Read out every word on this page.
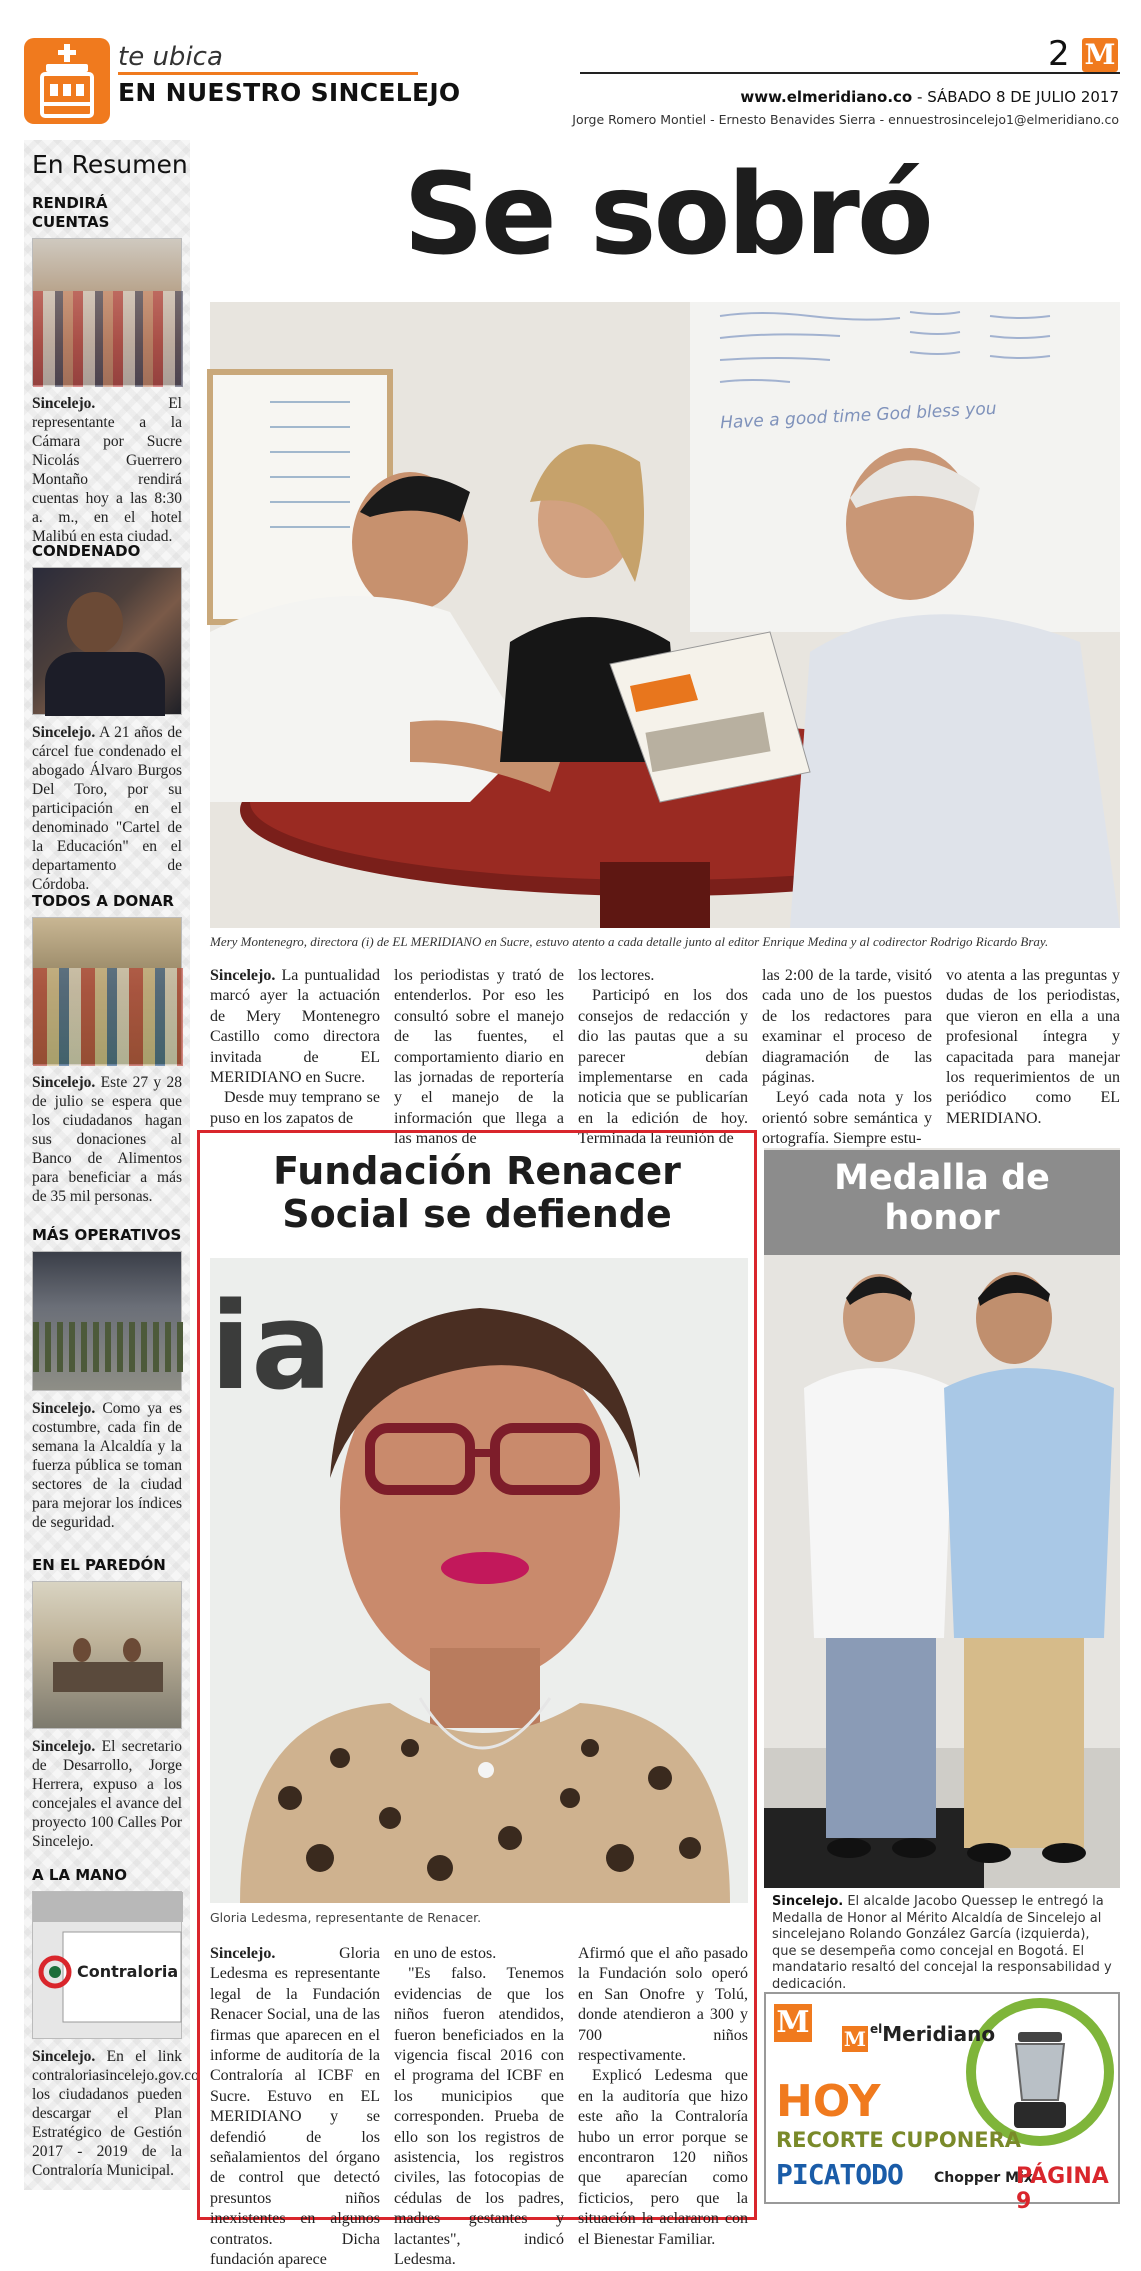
te ubica
EN NUESTRO SINCELEJO
2 M
www.elmeridiano.co - SÁBADO 8 DE JULIO 2017
Jorge Romero Montiel - Ernesto Benavides Sierra - ennuestrosincelejo1@elmeridiano.co
En Resumen
RENDIRÁ CUENTAS
Sincelejo. El representante a la Cámara por Sucre Nicolás Guerrero Montaño rendirá cuentas hoy a las 8:30 a. m., en el hotel Malibú en esta ciudad.
CONDENADO
Sincelejo. A 21 años de cárcel fue condenado el abogado Álvaro Burgos Del Toro, por su participación en el denominado "Cartel de la Educación" en el departamento de Córdoba.
TODOS A DONAR
Sincelejo. Este 27 y 28 de julio se espera que los ciudadanos hagan sus donaciones al Banco de Alimentos para beneficiar a más de 35 mil personas.
MÁS OPERATIVOS
Sincelejo. Como ya es costumbre, cada fin de semana la Alcaldía y la fuerza pública se toman sectores de la ciudad para mejorar los índices de seguridad.
EN EL PAREDÓN
Sincelejo. El secretario de Desarrollo, Jorge Herrera, expuso a los concejales el avance del proyecto 100 Calles Por Sincelejo.
A LA MANO
Contraloria
Sincelejo. En el link contraloriasincelejo.gov.co los ciudadanos pueden descargar el Plan Estratégico de Gestión 2017 - 2019 de la Contraloría Municipal.
Se sobró
Have a good time God bless you
Mery Montenegro, directora (i) de EL MERIDIANO en Sucre, estuvo atento a cada detalle junto al editor Enrique Medina y al codirector Rodrigo Ricardo Bray.

Sincelejo. La puntualidad marcó ayer la actuación de Mery Montenegro Castillo como directora invitada de EL MERIDIANO en Sucre.

Desde muy temprano se puso en los zapatos de

los periodistas y trató de entenderlos. Por eso les consultó sobre el manejo de las fuentes, el comportamiento diario en las jornadas de reportería y el manejo de la información que llega a las manos de

los lectores.

Participó en los dos consejos de redacción y dio las pautas que a su parecer debían implementarse en cada noticia que se publicarían en la edición de hoy. Terminada la reunión de

las 2:00 de la tarde, visitó cada uno de los puestos de los redactores para examinar el proceso de diagramación de las páginas.

Leyó cada nota y los orientó sobre semántica y ortografía. Siempre estu-

vo atenta a las preguntas y dudas de los periodistas, que vieron en ella a una profesional íntegra y capacitada para manejar los requerimientos de un periódico como EL MERIDIANO.

Fundación Renacer
Social se defiende
ia
Gloria Ledesma, representante de Renacer.

Sincelejo. Gloria Ledesma es representante legal de la Fundación Renacer Social, una de las firmas que aparecen en el informe de auditoría de la Contraloría al ICBF en Sucre. Estuvo en EL MERIDIANO y se defendió de los señalamientos del órgano de control que detectó presuntos niños inexistentes en algunos contratos. Dicha fundación aparece

en uno de estos.

"Es falso. Tenemos evidencias de que los niños fueron atendidos, fueron beneficiados en la vigencia fiscal 2016 con el programa del ICBF en los municipios que corresponden. Prueba de ello son los registros de asistencia, los registros civiles, las fotocopias de cédulas de los padres, madres gestantes y lactantes", indicó Ledesma.

Afirmó que el año pasado la Fundación solo operó en San Onofre y Tolú, donde atendieron a 300 y 700 niños respectivamente.

Explicó Ledesma que en la auditoría que hizo este año la Contraloría hubo un error porque se encontraron 120 niños que aparecían como ficticios, pero que la situación la aclararon con el Bienestar Familiar.

Medalla de
honor
Sincelejo. El alcalde Jacobo Quessep le entregó la Medalla de Honor al Mérito Alcaldía de Sincelejo al sincelejano Rolando González García (izquierda), que se desempeña como concejal en Bogotá. El mandatario resaltó del concejal la responsabilidad y dedicación.
M M $^{el}$Meridiano
HOY
RECORTE CUPONERA
PICATODO Chopper Mix
PÁGINA 9
